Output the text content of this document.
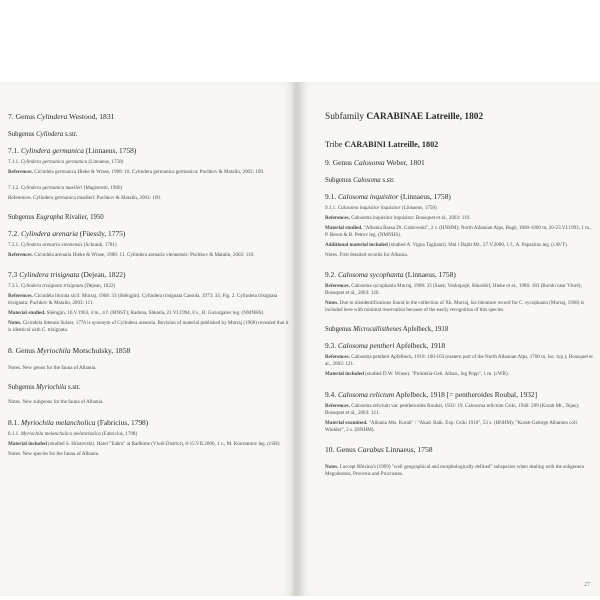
7. Genus Cylindera Westood, 1831
Subgenus Cylindera s.str.
7.1. Cylindera germanica (Linnaeus, 1758)
7.1.1. Cylindera germanica germanica (Linnaeus, 1758)
References. Cicindela germanica Hieke & Wrase, 1988: 10. Cylindera germanica germanica: Puchkov & Matalin, 2003: 109.
7.1.2. Cylindera germanica muelleri (Magistretti, 1966)
References. Cylindera germanica muelleri: Puchkov & Matalin, 2003: 109.
Subgenus Eugrapha Rivalier, 1950
7.2. Cylindera arenaria (Füessly, 1775)
7.2.1. Cylindera arenaria viennensis (Schrank, 1781)
References. Cicindela arenaria Hieke & Wrase, 1988: 11. Cylindera arenaria viennensis: Puchkov & Matalin, 2003: 110.
7.3 Cylindera trisignata (Dejean, 1822)
7.3.1. Cylindera trisignata trisignata (Dejean, 1822)
References. Cicindela litorata sicil: Murraj, 1968: 33 (Shëngjin). Cylindera trisignata Cassola, 1973: 33, Fig. 2. Cylindera trisignata trisignata: Puchkov & Matalin, 2003: 111.
Material studied. Shëngjin, 16.V.1963, 4 m., 4 f. (MNST); Radona, Shkiela, 21.VI.1994, 8 s., B. Guzorgaiev leg. (NMNHS).
Notes. Cicindela litterata Sulzer, 1776 is synonym of Cylindera arenaria. Revision of material published by Murraj (1968) revealed that it is identical with C. trisignata.
8. Genus Myriochila Motschulsky, 1858
Notes. New genus for the fauna of Albania.
Subgenus Myriochila s.str.
Notes. New subgenus for the fauna of Albania.
8.1. Myriochila melancholica (Fabricius, 1798)
8.1.1. Myriochila melancholica melancholica (Fabricius, 1798)
Material included (studied S. Hristovski). Hotel "Eabra" at Radhime (Vlorë District), 8-15.VII.2006, 1 s., M. Konstantov leg. (cSH).
Notes. New species for the fauna of Albania.
Subfamily CARABINAE Latreille, 1802
Tribe CARABINI Latreille, 1802
9. Genus Calosoma Weber, 1801
Subgenus Calosoma s.str.
9.1. Calosoma inquisitor (Linnaeus, 1758)
9.1.1. Calosoma inquisitor inquisitor (Linnaeus, 1758)
References. Calosoma inquisitor inquisitor: Bousquet et al., 2003: 119.
Material studied. "Albania Rassa Dr. Grabowski", 2 s. (HNHM); North Albanian Alps, Bogë, 1800-1900 m, 20-23.VI.1993, 1 m., P. Beron & B. Petrov leg. (NMNHS).
Additional material included (studied A. Vigna Taglianti). Mal i Dajtit Mt., 27.V.2000, 1 f., A. Papazitos leg. (cAVT).
Notes. First detailed records for Albania.
9.2. Calosoma sycophanta (Linnaeus, 1758)
References. Calosoma sycophanta Murraj, 1968: 33 (Sauk; Voskopojë; Shkodër); Hieke et al., 1986: 183 (Borshi near Vlorë); Bousquet et al., 2003: 120.
Notes. Due to misidentifications found in the collection of Xh. Murraj, his literature record for C. sycophanta (Murraj, 1968) is included here with minimal reservation because of the easily recognition of this species.
Subgenus Microcallisthenes Apfelbeck, 1918
9.3. Calosoma pentheri Apfelbeck, 1918
References. Calosoma pentheri Apfelbeck, 1918: 160-163 (eastern part of the North Albanian Alps, 1700 m, loc. typ.); Bousquet et al., 2003: 121.
Material included (studied D.W. Wrase). "Prokletia-Geb. Alban., leg Popp", 1 m. (cWR).
9.4. Calosoma relictum Apfelbeck, 1918 [= pentheroides Roubal, 1932]
References. Calosoma relictum var. pentheroides Roubal, 1932: 19. Calosoma relictum Csiki, 1940: 209 (Korab Mt., Tejas); Bousquet et al., 2003: 121.
Material examined. "Albania Mts. Korab" / "Akad. Balk. Exp. Csiki 1918", 53 s. (HNHM); "Korab-Gebirge Albanien coll. Winkler", 2 s. (HNHM).
10. Genus Carabus Linnaeus, 1758
Notes. I accept Březina's (1999) "well geographical and morphologically defined" subspecies when dealing with the subgenera Megodontus, Procerus and Procrustes.
27
